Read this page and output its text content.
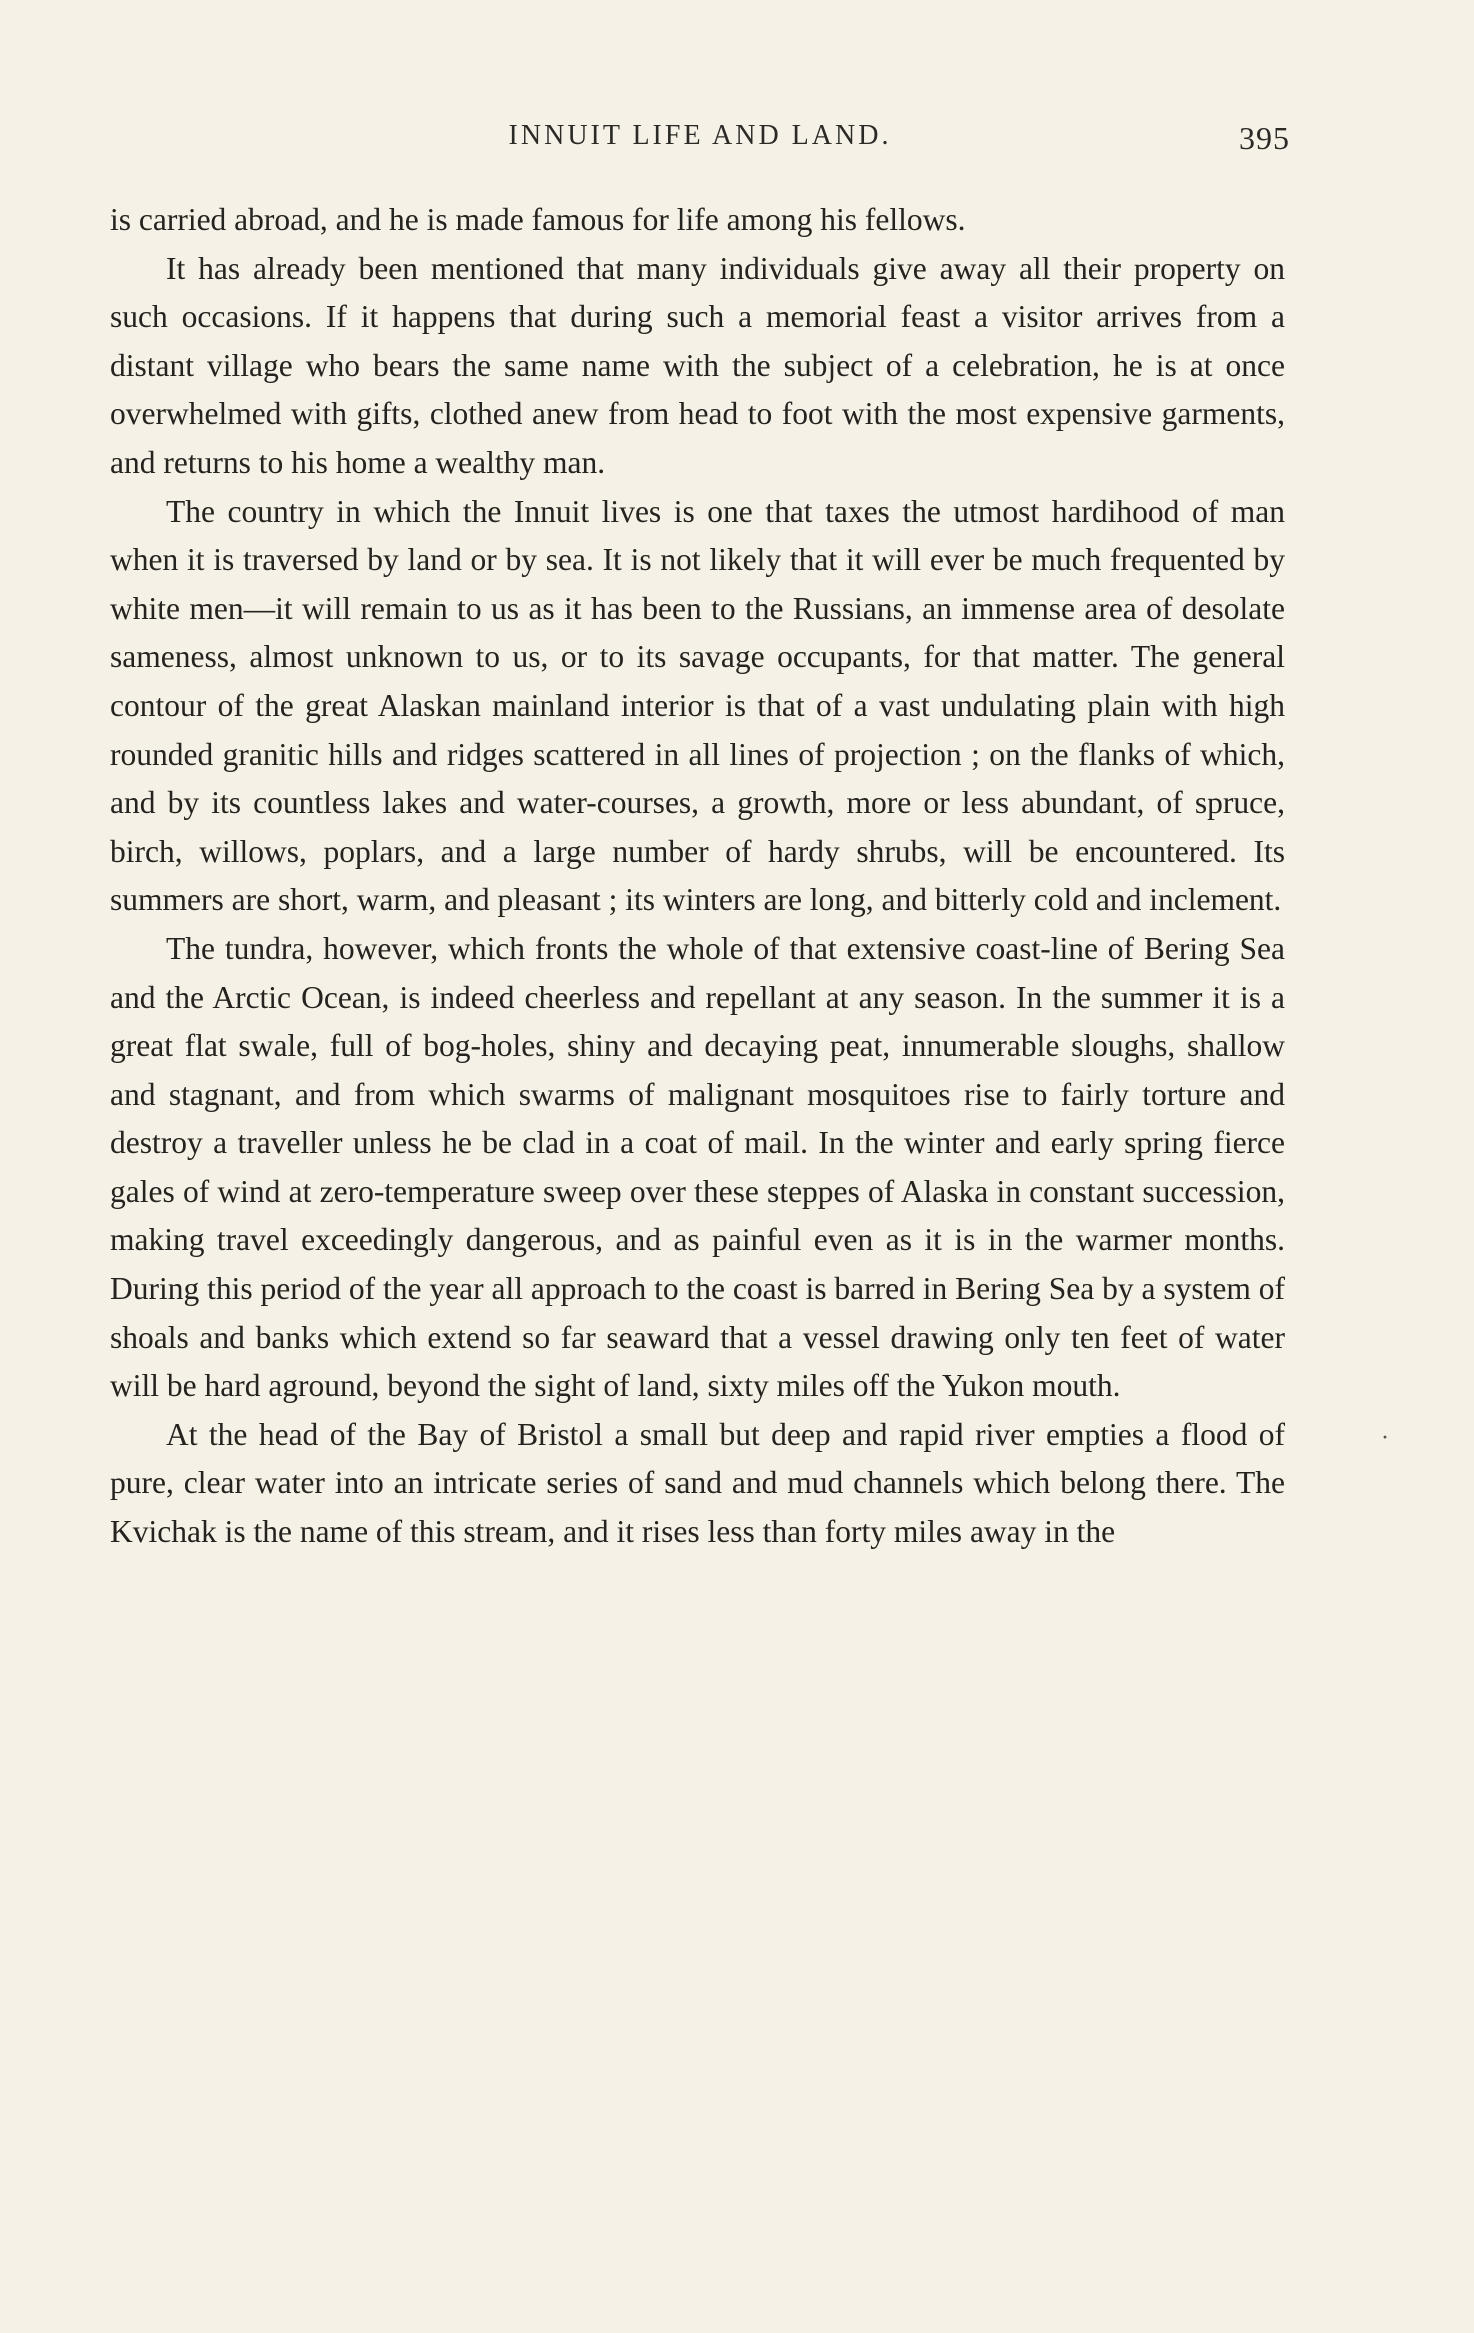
INNUIT LIFE AND LAND.	395

is carried abroad, and he is made famous for life among his fellows.

It has already been mentioned that many individuals give away all their property on such occasions. If it happens that during such a memorial feast a visitor arrives from a distant village who bears the same name with the subject of a celebration, he is at once overwhelmed with gifts, clothed anew from head to foot with the most expensive garments, and returns to his home a wealthy man.

The country in which the Innuit lives is one that taxes the utmost hardihood of man when it is traversed by land or by sea. It is not likely that it will ever be much frequented by white men—it will remain to us as it has been to the Russians, an immense area of desolate sameness, almost unknown to us, or to its savage occupants, for that matter. The general contour of the great Alaskan mainland interior is that of a vast undulating plain with high rounded granitic hills and ridges scattered in all lines of projection ; on the flanks of which, and by its countless lakes and water-courses, a growth, more or less abundant, of spruce, birch, willows, poplars, and a large number of hardy shrubs, will be encountered. Its summers are short, warm, and pleasant ; its winters are long, and bitterly cold and inclement.

The tundra, however, which fronts the whole of that extensive coast-line of Bering Sea and the Arctic Ocean, is indeed cheerless and repellant at any season. In the summer it is a great flat swale, full of bog-holes, shiny and decaying peat, innumerable sloughs, shallow and stagnant, and from which swarms of malignant mosquitoes rise to fairly torture and destroy a traveller unless he be clad in a coat of mail. In the winter and early spring fierce gales of wind at zero-temperature sweep over these steppes of Alaska in constant succession, making travel exceedingly dangerous, and as painful even as it is in the warmer months. During this period of the year all approach to the coast is barred in Bering Sea by a system of shoals and banks which extend so far seaward that a vessel drawing only ten feet of water will be hard aground, beyond the sight of land, sixty miles off the Yukon mouth.

At the head of the Bay of Bristol a small but deep and rapid river empties a flood of pure, clear water into an intricate series of sand and mud channels which belong there. The Kvichak is the name of this stream, and it rises less than forty miles away in the

·
